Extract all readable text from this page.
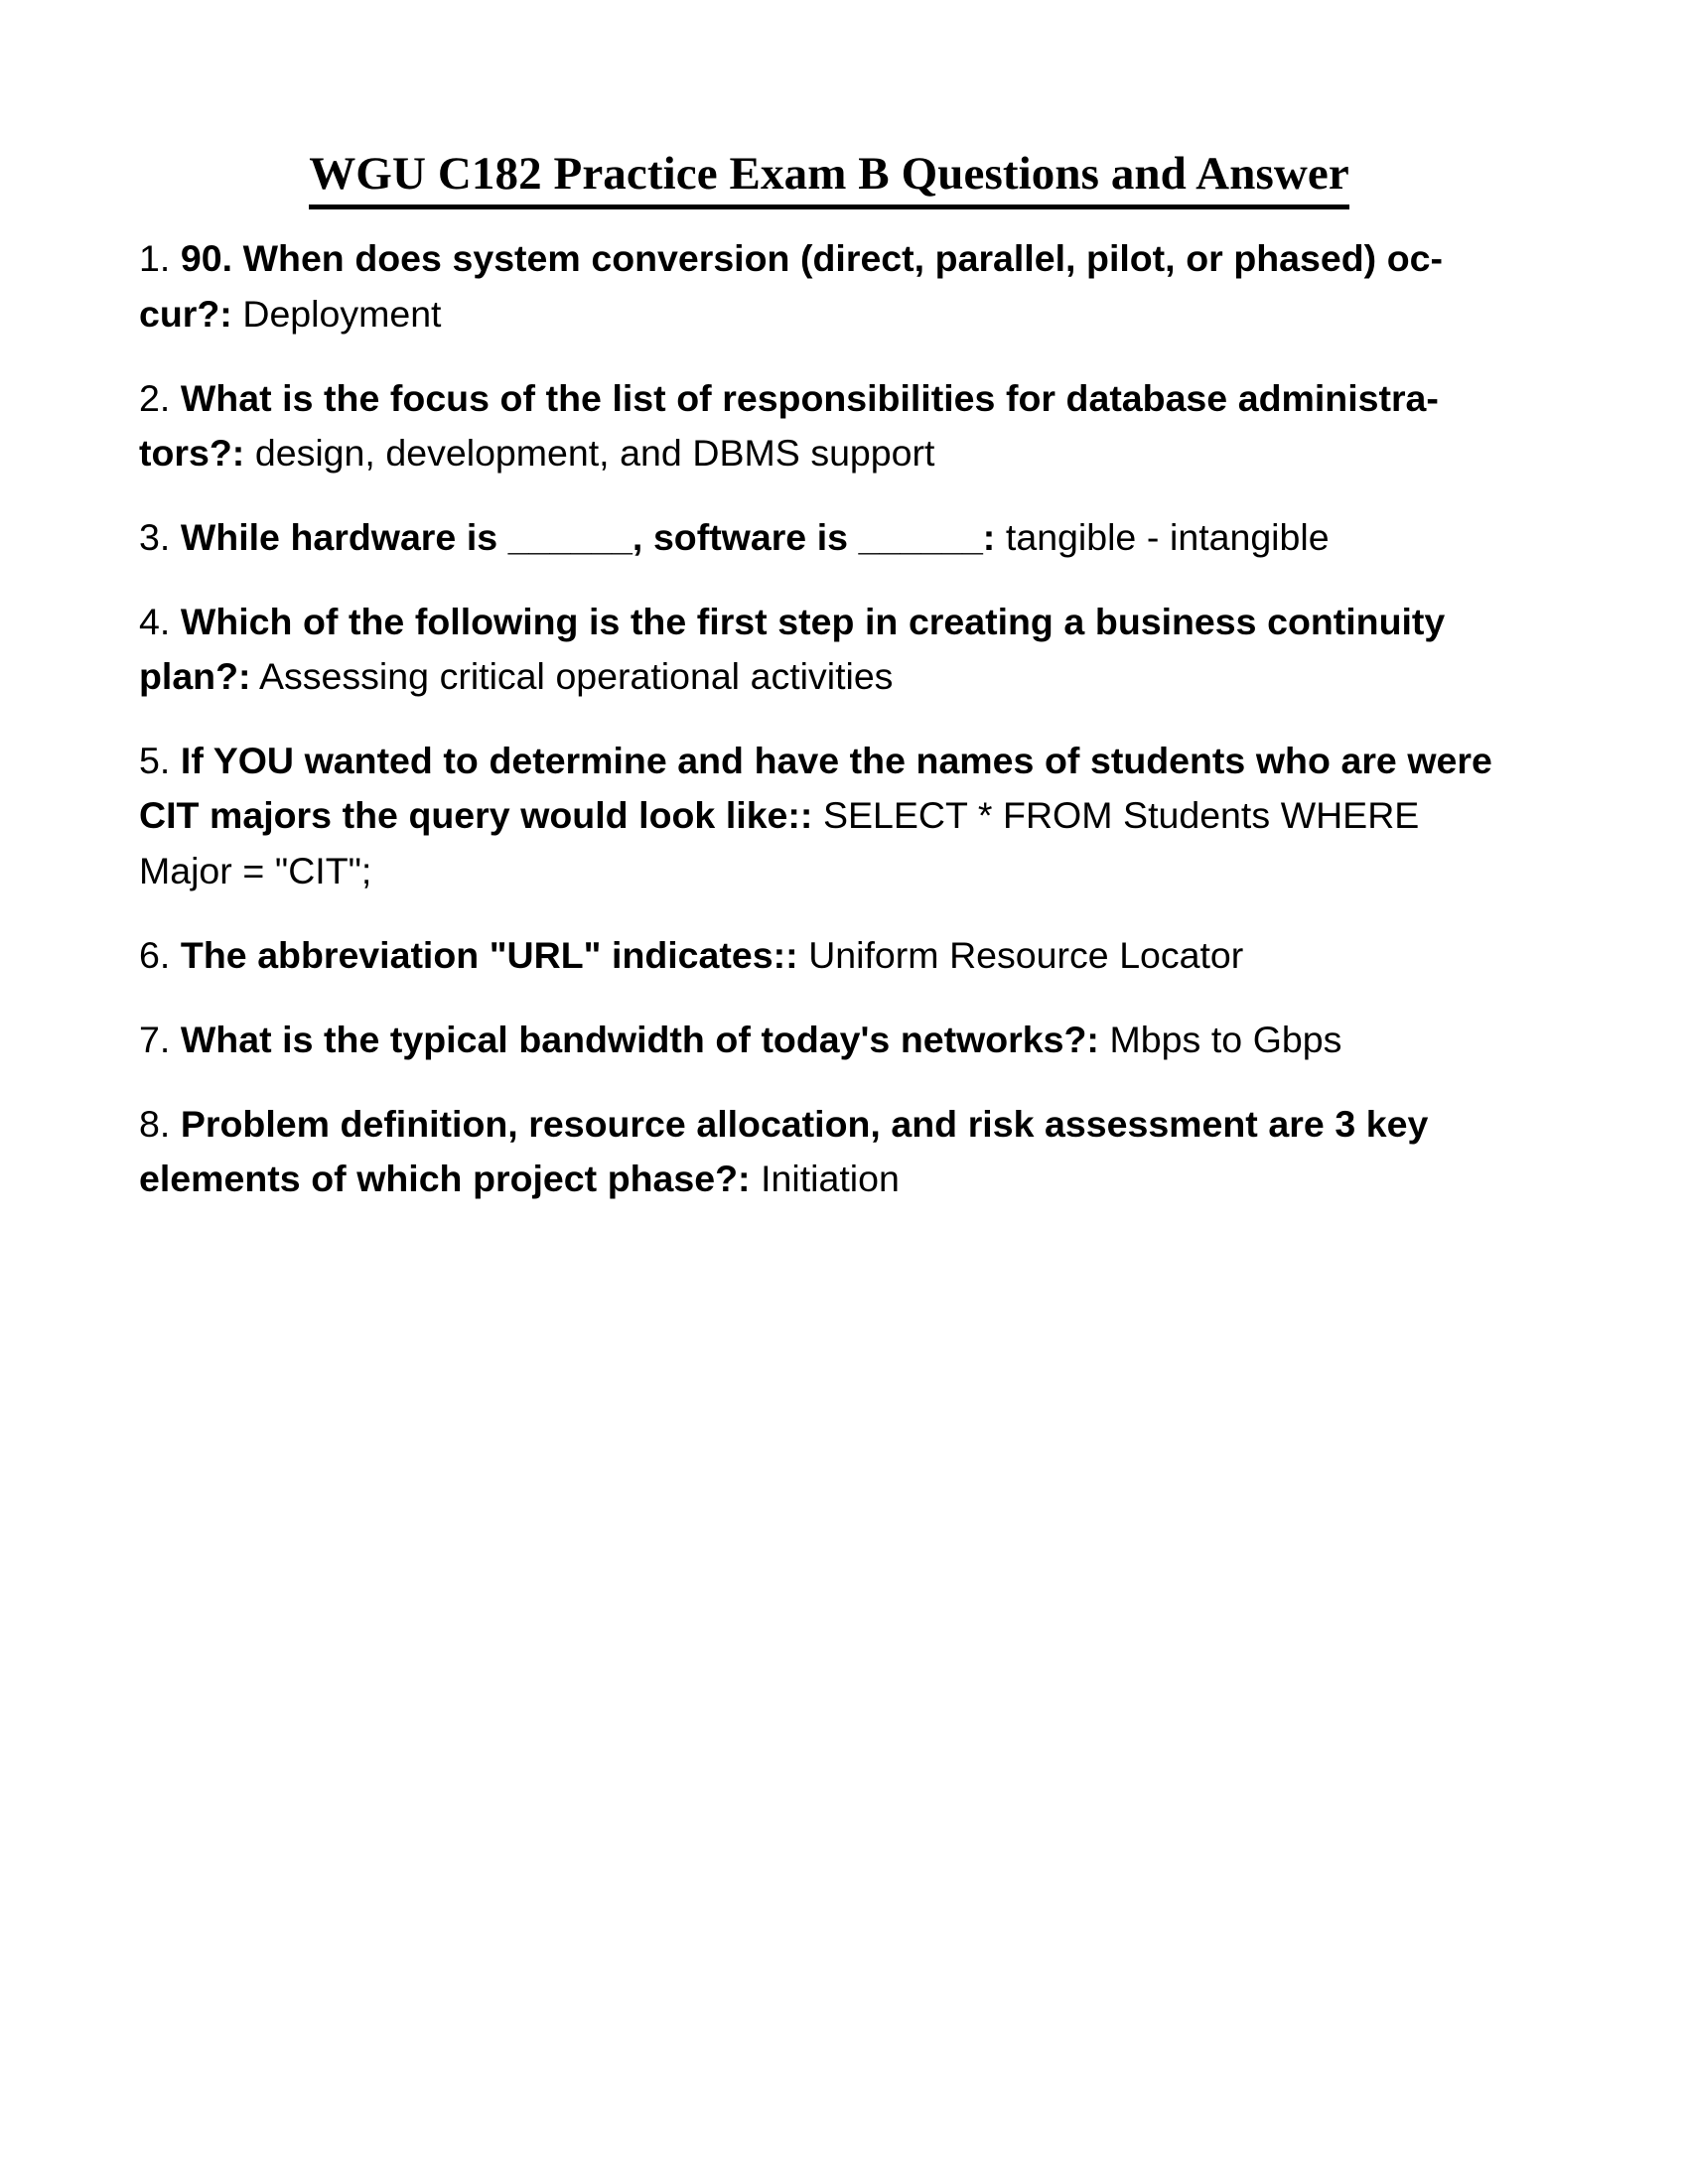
WGU C182 Practice Exam B Questions and Answer
1. 90. When does system conversion (direct, parallel, pilot, or phased) oc- cur?: Deployment
2. What is the focus of the list of responsibilities for database administra- tors?: design, development, and DBMS support
3. While hardware is ______, software is ______: tangible - intangible
4. Which of the following is the first step in creating a business continuity plan?: Assessing critical operational activities
5. If YOU wanted to determine and have the names of students who are were CIT majors the query would look like:: SELECT * FROM Students WHERE Major = "CIT";
6. The abbreviation "URL" indicates:: Uniform Resource Locator
7. What is the typical bandwidth of today's networks?: Mbps to Gbps
8. Problem definition, resource allocation, and risk assessment are 3 key elements of which project phase?: Initiation
